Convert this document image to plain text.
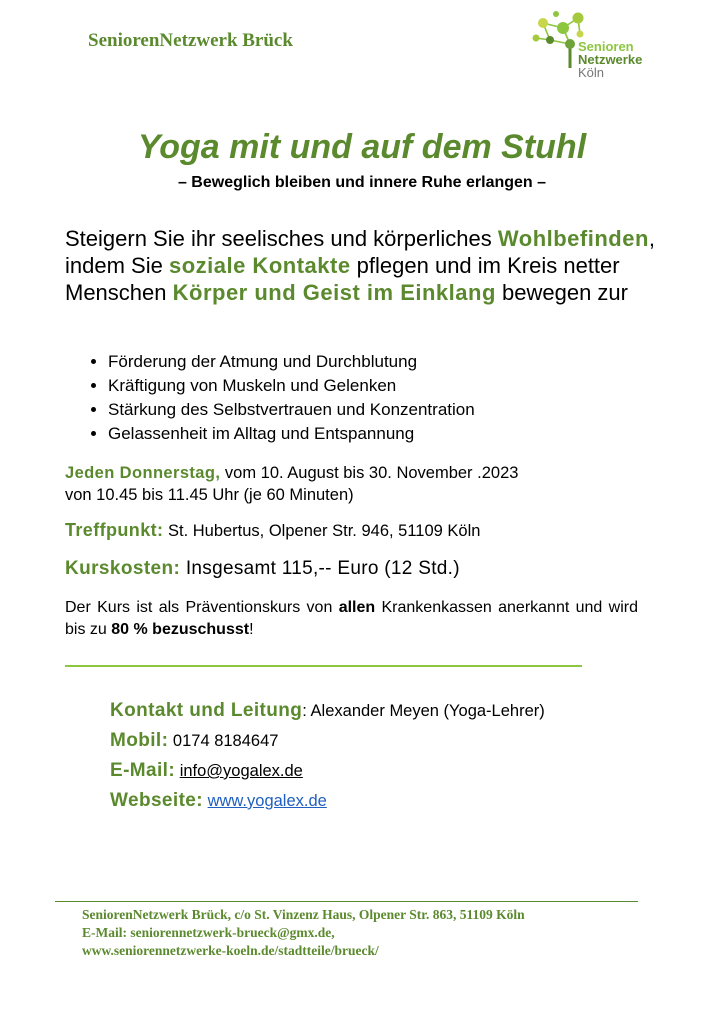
SeniorenNetzwerk Brück	Senioren
Netzwerke
Köln
Yoga mit und auf dem Stuhl
– Beweglich bleiben und innere Ruhe erlangen –
Steigern Sie ihr seelisches und körperliches Wohlbefinden, indem Sie soziale Kontakte pflegen und im Kreis netter Menschen Körper und Geist im Einklang bewegen zur
• Förderung der Atmung und Durchblutung
• Kräftigung von Muskeln und Gelenken
• Stärkung des Selbstvertrauen und Konzentration
• Gelassenheit im Alltag und Entspannung
Jeden Donnerstag, vom 10. August bis 30. November .2023
von 10.45 bis 11.45 Uhr (je 60 Minuten)
Treffpunkt: St. Hubertus, Olpener Str. 946, 51109 Köln
Kurskosten: Insgesamt 115,-- Euro (12 Std.)
Der Kurs ist als Präventionskurs von allen Krankenkassen anerkannt und wird bis zu 80 % bezuschusst!
Kontakt und Leitung: Alexander Meyen (Yoga-Lehrer)
Mobil: 0174 8184647
E-Mail: info@yogalex.de
Webseite: www.yogalex.de
SeniorenNetzwerk Brück, c/o St. Vinzenz Haus, Olpener Str. 863, 51109 Köln
E-Mail: seniorennetzwerk-brueck@gmx.de,
www.seniorennetzwerke-koeln.de/stadtteile/brueck/
